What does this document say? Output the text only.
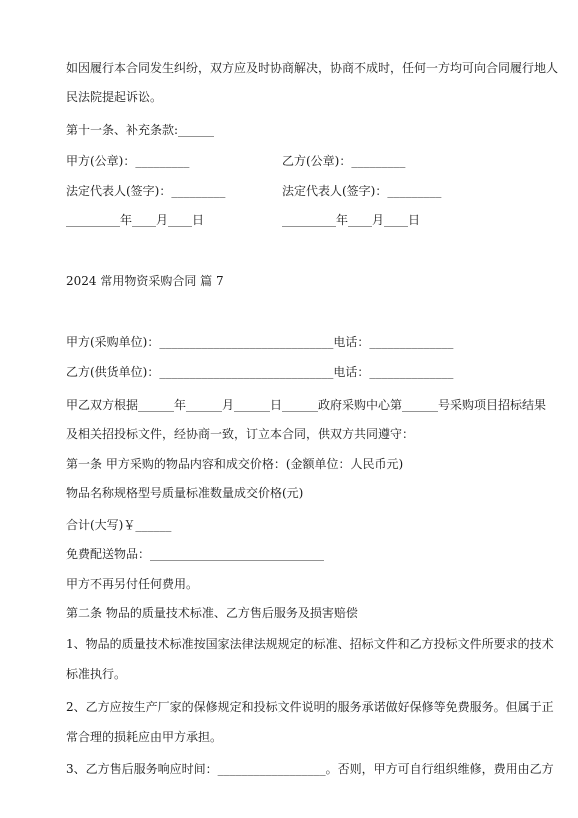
如因履行本合同发生纠纷，双方应及时协商解决，协商不成时，任何一方均可向合同履行地人
民法院提起诉讼。
第十一条、补充条款:______
甲方(公章)：_________	乙方(公章)：_________
法定代表人(签字)：_________	法定代表人(签字)：_________
_________年____月____日	_________年____月____日
2024 常用物资采购合同 篇 7
甲方(采购单位)：_____________________________电话：______________
乙方(供货单位)：_____________________________电话：______________
甲乙双方根据______年______月______日______政府采购中心第______号采购项目招标结果
及相关招投标文件，经协商一致，订立本合同，供双方共同遵守：
第一条 甲方采购的物品内容和成交价格：(金额单位：人民币元)
物品名称规格型号质量标准数量成交价格(元)
合计(大写)￥______
免费配送物品：_____________________________
甲方不再另付任何费用。
第二条 物品的质量技术标准、乙方售后服务及损害赔偿
1、物品的质量技术标准按国家法律法规规定的标准、招标文件和乙方投标文件所要求的技术
标准执行。
2、乙方应按生产厂家的保修规定和投标文件说明的服务承诺做好保修等免费服务。但属于正
常合理的损耗应由甲方承担。
3、乙方售后服务响应时间：__________________。否则，甲方可自行组织维修，费用由乙方
